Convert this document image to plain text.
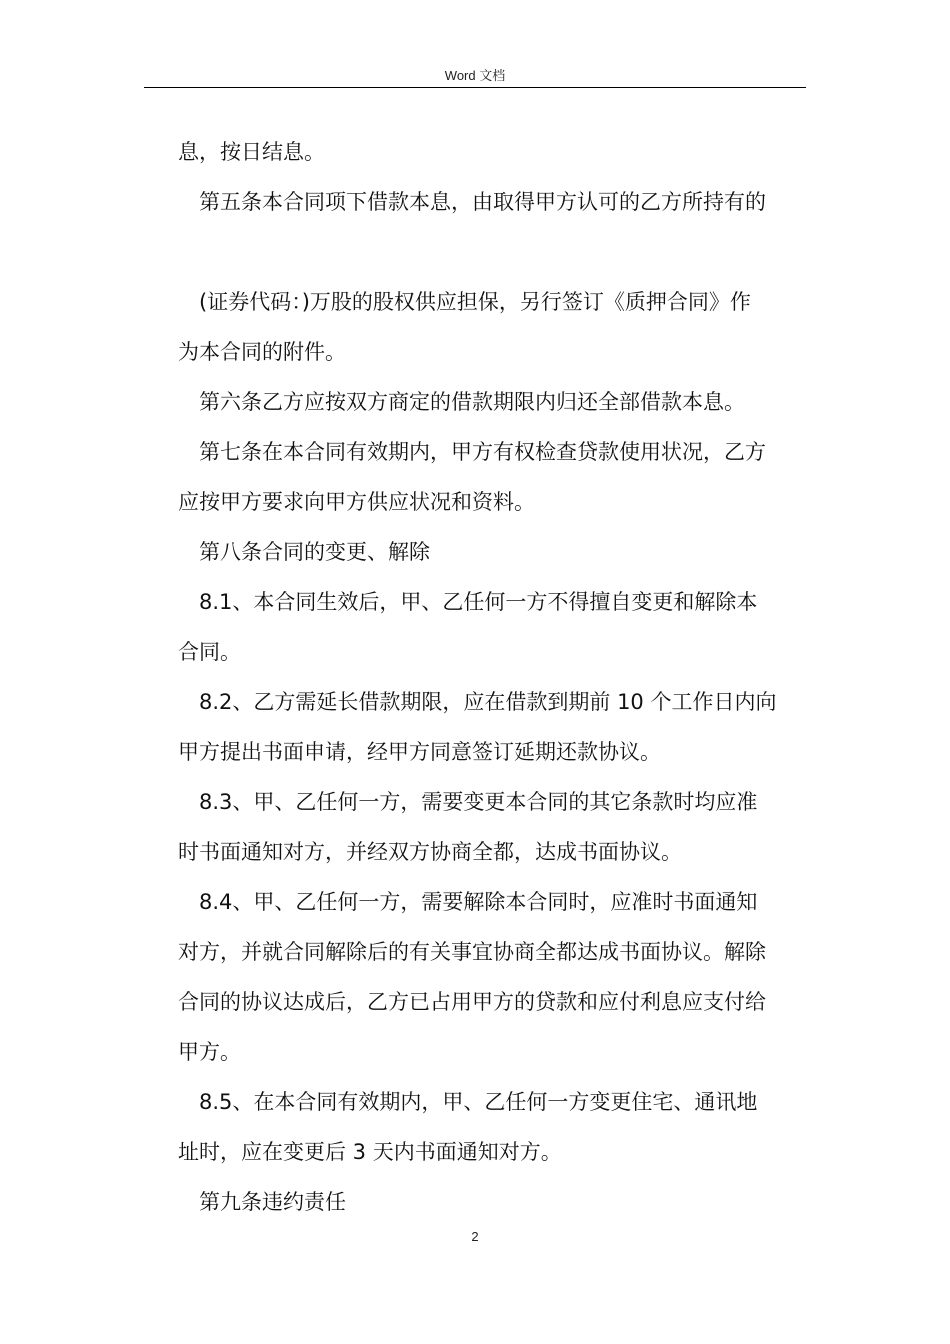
Word 文档
息，按日结息。
第五条本合同项下借款本息，由取得甲方认可的乙方所持有的
(证券代码：)万股的股权供应担保，另行签订《质押合同》作
为本合同的附件。
第六条乙方应按双方商定的借款期限内归还全部借款本息。
第七条在本合同有效期内，甲方有权检查贷款使用状况，乙方
应按甲方要求向甲方供应状况和资料。
第八条合同的变更、解除
8.1、本合同生效后，甲、乙任何一方不得擅自变更和解除本
合同。
8.2、乙方需延长借款期限，应在借款到期前 10 个工作日内向
甲方提出书面申请，经甲方同意签订延期还款协议。
8.3、甲、乙任何一方，需要变更本合同的其它条款时均应准
时书面通知对方，并经双方协商全都，达成书面协议。
8.4、甲、乙任何一方，需要解除本合同时，应准时书面通知
对方，并就合同解除后的有关事宜协商全都达成书面协议。解除
合同的协议达成后，乙方已占用甲方的贷款和应付利息应支付给
甲方。
8.5、在本合同有效期内，甲、乙任何一方变更住宅、通讯地
址时，应在变更后 3 天内书面通知对方。
第九条违约责任
2
